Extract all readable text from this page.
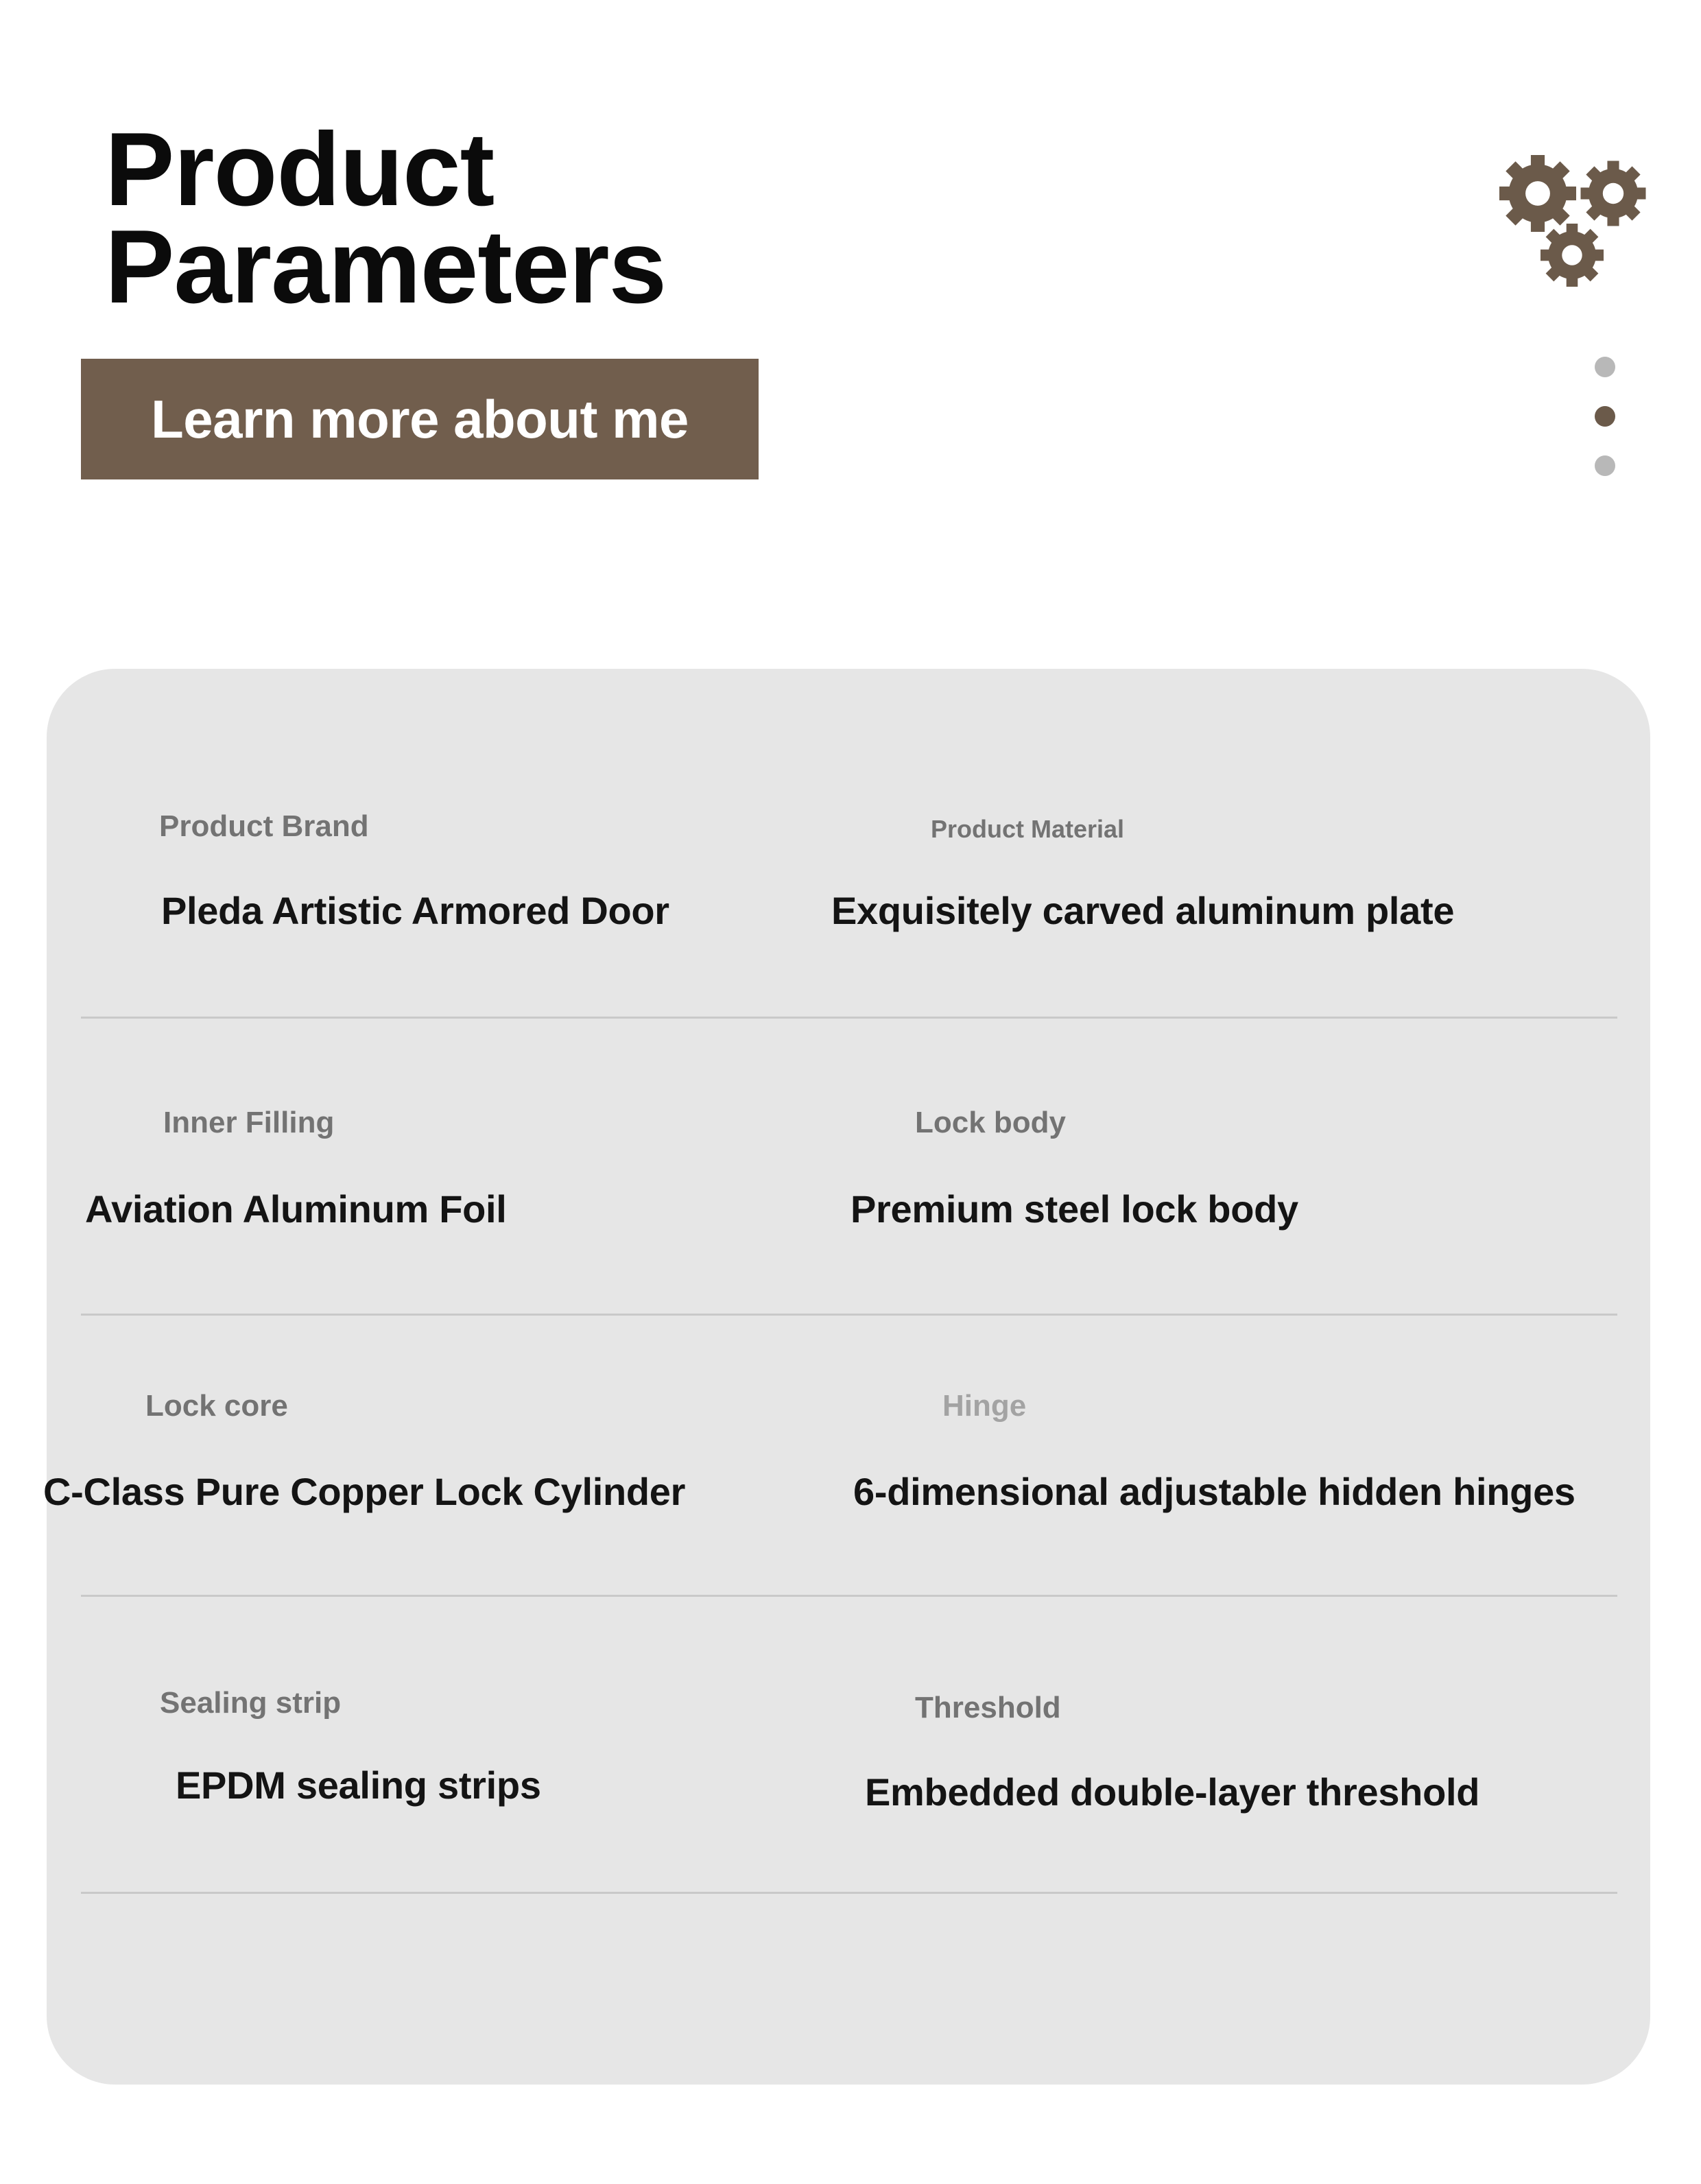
Product
Parameters
Learn more about me
Product Brand
Pleda Artistic Armored Door
Product Material
Exquisitely carved aluminum plate
Inner Filling
Aviation Aluminum Foil
Lock body
Premium steel lock body
Lock core
C-Class Pure Copper Lock Cylinder
Hinge
6-dimensional adjustable hidden hinges
Sealing strip
EPDM sealing strips
Threshold
Embedded double-layer threshold
